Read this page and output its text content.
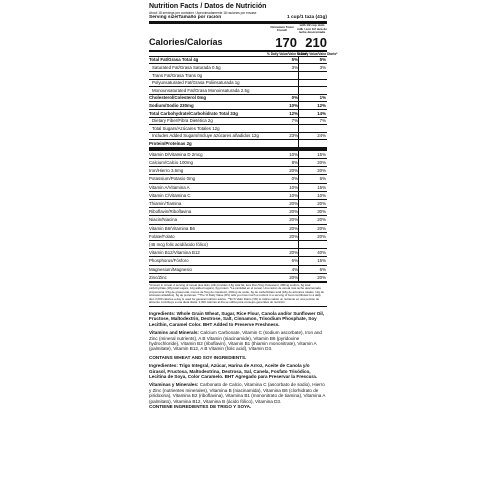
Nutrition Facts / Datos de Nutrición
About 18 servings per container / Aproximadamente 18 raciones por envase
Serving size/Tamaño por ración	1 cup/1 taza (41g)
Cinnamon Toast Crunch
with 1/2 cup skim milk / con 1/2 taza de leche descremada
Calories/Calorías	170 210
% Daily Value/Valor Diario*
% Daily Value/Valor Diario*
Total Fat/Grasa Total 4g	5%	5%
Saturated Fat/Grasa Saturada 0.5g	3%	3%
Trans Fat/Grasa Trans 0g
Polyunsaturated Fat/Grasa Poliinsaturada 1g
Monounsaturated Fat/Grasa Monoinsaturada 2.5g
Cholesterol/Colesterol 0mg	0%	1%
Sodium/Sodio 230mg	10%	12%
Total Carbohydrate/Carbohidrato Total 33g	12%	14%
Dietary Fiber/Fibra Dietética 2g	7%	7%
Total Sugars/Azúcares Totales 12g
Includes Added Sugars/Incluye azúcares añadidos 12g	23%	24%
Protein/Proteínas 2g
Vitamin D/Vitamina D 2mcg	10%	15%
Calcium/Calcio 100mg	8%	20%
Iron/Hierro 3.6mg	20%	20%
Potassium/Potasio 0mg	0%	6%
Vitamin A/Vitamina A	10%	15%
Vitamin C/Vitamina C	10%	10%
Thiamin/Tiamina	20%	20%
Riboflavin/Riboflavina	20%	30%
Niacin/Niacina	20%	20%
Vitamin B6/Vitamina B6	20%	20%
Folate/Folato	20%	20%
(45 mcg folic acid/ácido fólico)
Vitamin B12/Vitamina B12	20%	40%
Phosphorus/Fósforo	6%	15%
Magnesium/Magnesio	4%	6%
Zinc/Zinc	20%	20%
*Amount in cereal. A serving of cereal plus skim milk provides 4.5g total fat, less than 5mg cholesterol, 290mg sodium, 6g total carbohydrate (18g total sugars, 12g added sugars), 6g protein. *La cantidad en el cereal. Una ración de cereal más leche descremada proporciona 4.5g de grasa total, menos de 5mg de colesterol, 290mg de sodio, 6g de carbohidrato total (18g de azúcares totales, 12g de azúcares añadidos), 6g de proteínas. **The % Daily Value (DV) tells you how much a nutrient in a serving of food contributes to a daily diet. 2,000 calories a day is used for general nutrition advice. **El % Valor Diario (VD) le indica cuánto un nutriente en una porción de alimento contribuye a una dieta diaria. 2,000 calorías al día se utiliza para consejos generales de nutrición.
Ingredients: Whole Grain Wheat, Sugar, Rice Flour, Canola and/or Sunflower Oil, Fructose, Maltodextrin, Dextrose, Salt, Cinnamon, Trisodium Phosphate, Soy Lecithin, Caramel Color. BHT Added to Preserve Freshness.
Vitamins and Minerals: Calcium Carbonate, Vitamin C (sodium ascorbate), Iron and Zinc (mineral nutrients), A B Vitamin (niacinamide), Vitamin B6 (pyridoxine hydrochloride), Vitamin B2 (riboflavin), Vitamin B1 (thiamin mononitrate), Vitamin A (palmitate), Vitamin B12, A B Vitamin (folic acid), Vitamin D3.
CONTAINS WHEAT AND SOY INGREDIENTS.
Ingredientes: Trigo Integral, Azúcar, Harina de Arroz, Aceite de Canola y/o Girasol, Fructosa, Maltodextrina, Dextrosa, Sal, Canela, Fosfato Trisódico, Lecitina de Soya, Color Caramelo. BHT Agregado para Preservar la Frescura.
Vitaminas y Minerales: Carbonato de Calcio, Vitamina C (ascorbato de sodio), Hierro y Zinc (nutrientes minerales), Vitamina B (niacinamida), Vitamina B6 (clorhidrato de piridoxina), Vitamina B2 (riboflavina), Vitamina B1 (mononitrato de tiamina), Vitamina A (palmitato), Vitamina B12, Vitamina B (ácido fólico), Vitamina D3.
CONTIENE INGREDIENTES DE TRIGO Y SOYA.
